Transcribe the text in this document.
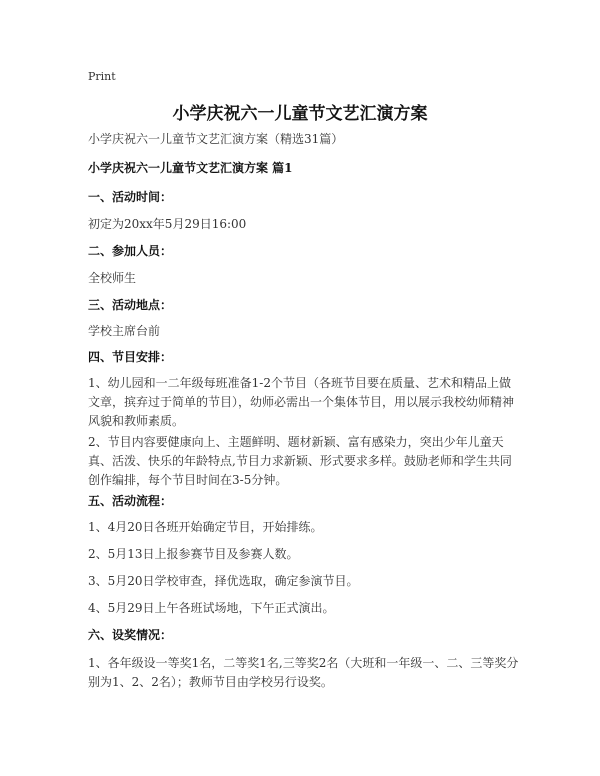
Print
小学庆祝六一儿童节文艺汇演方案
小学庆祝六一儿童节文艺汇演方案（精选31篇）
小学庆祝六一儿童节文艺汇演方案 篇1
一、活动时间：
初定为20xx年5月29日16:00
二、参加人员：
全校师生
三、活动地点：
学校主席台前
四、节目安排：
1、幼儿园和一二年级每班准备1-2个节目（各班节目要在质量、艺术和精品上做文章，摈弃过于简单的节目），幼师必需出一个集体节目，用以展示我校幼师精神风貌和教师素质。
2、节目内容要健康向上、主题鲜明、题材新颖、富有感染力，突出少年儿童天真、活泼、快乐的年龄特点,节目力求新颖、形式要求多样。鼓励老师和学生共同创作编排，每个节目时间在3-5分钟。
五、活动流程：
1、4月20日各班开始确定节目，开始排练。
2、5月13日上报参赛节目及参赛人数。
3、5月20日学校审查，择优选取，确定参演节目。
4、5月29日上午各班试场地，下午正式演出。
六、设奖情况：
1、各年级设一等奖1名，二等奖1名,三等奖2名（大班和一年级一、二、三等奖分别为1、2、2名）；教师节目由学校另行设奖。
